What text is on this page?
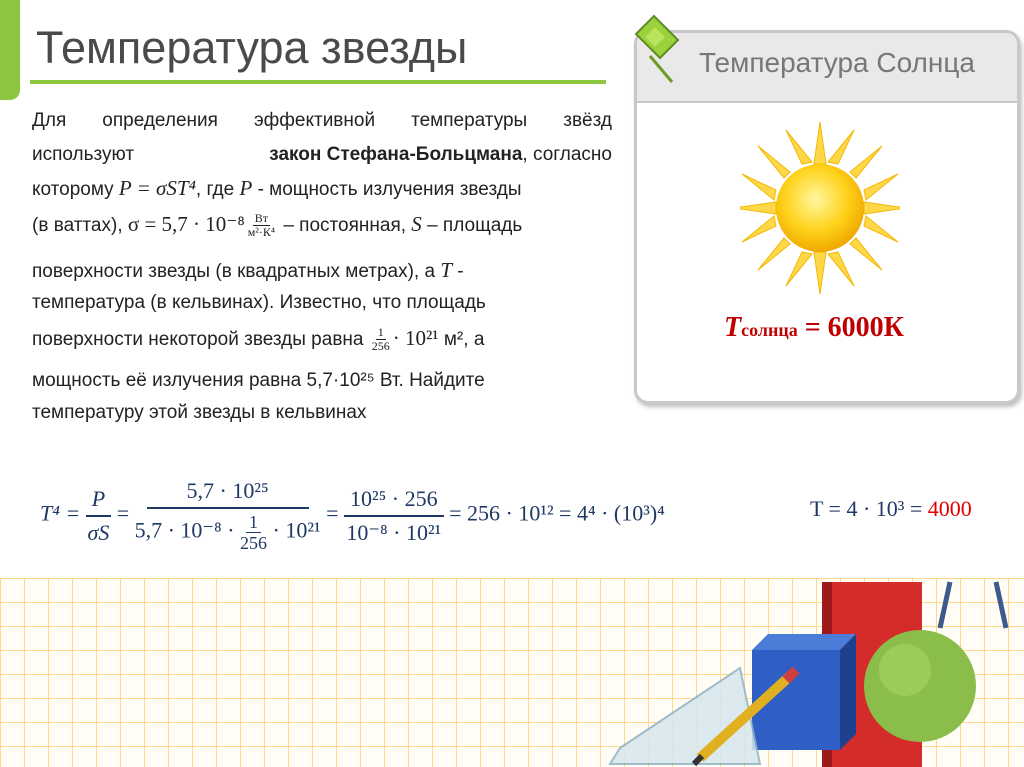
Температура звезды
Для определения эффективной температуры звёзд
используют	закон Стефана-Больцмана, согласно
которому P = σST⁴, где P - мощность излучения звезды
(в ваттах), $\sigma = 5,7 \cdot 10^{-8} \frac{Вт}{\text{м²·К⁴}}$ – постоянная, S – площадь
поверхности звезды (в квадратных метрах), а T -
температура (в кельвинах). Известно, что площадь
поверхности некоторой звезды равна $\frac{1}{256} \cdot 10^{21}$ м², а
мощность её излучения равна 5,7·10²⁵ Вт. Найдите
температуру этой звезды в кельвинах
Температура Солнца
Tсолнца = 6000К
$T^4 = \frac{P}{\sigma S} = \frac{\text{5,7 · 10²⁵}}{5,7 \cdot 10^{-8} \cdot \frac{1}{256} \cdot 10^{21}} = \frac{\text{10²⁵ · 256}}{\text{10⁻⁸ · 10²¹}} = 256 \cdot 10^{12} = 4^4 \cdot (10^3)^4$	T = 4 · 10³ = 4000
